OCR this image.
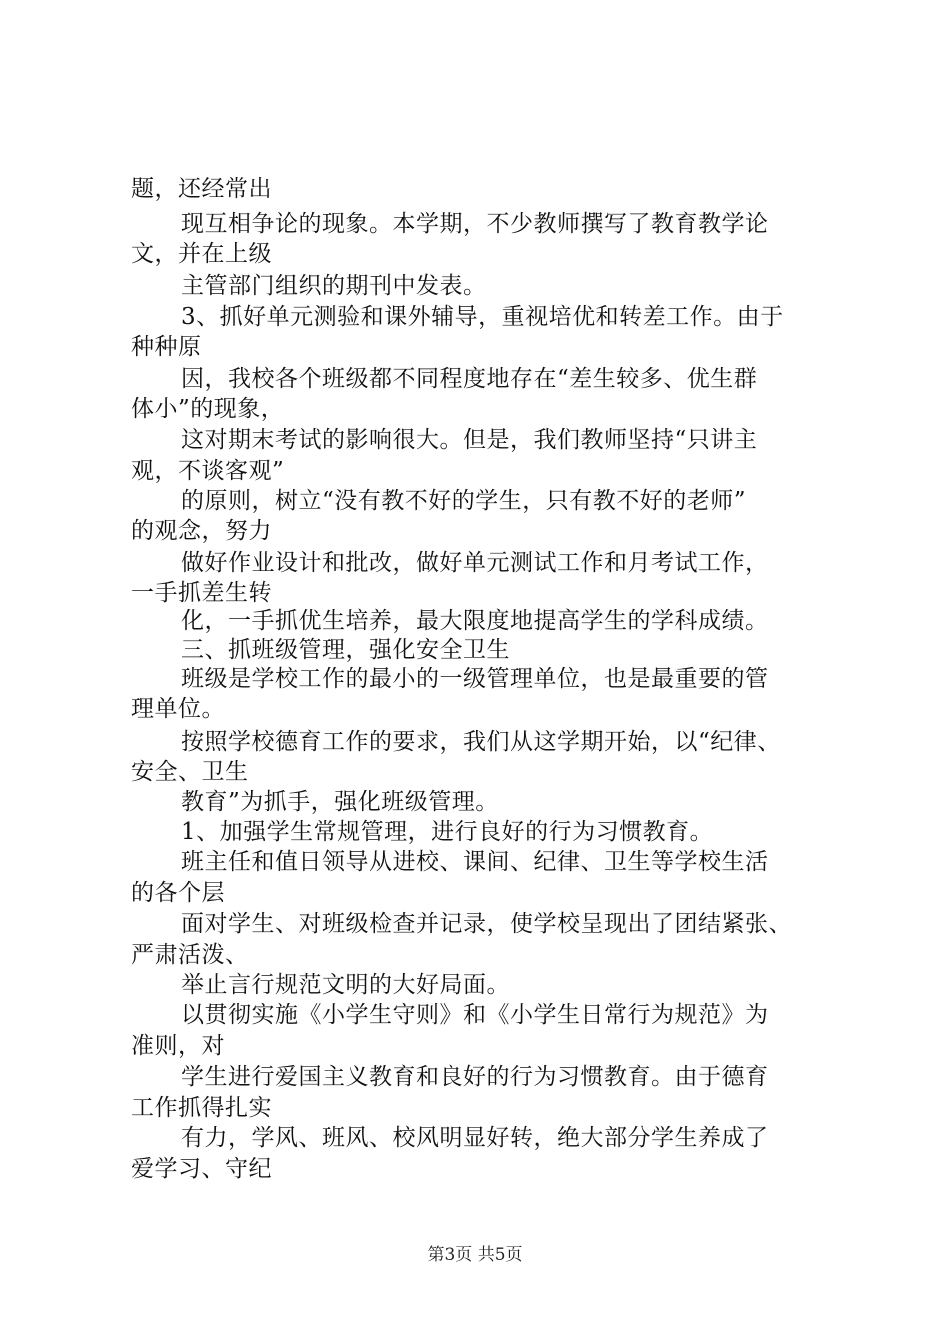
题，还经常出
现互相争论的现象。本学期，不少教师撰写了教育教学论
文，并在上级
主管部门组织的期刊中发表。
3、抓好单元测验和课外辅导，重视培优和转差工作。由于
种种原
因，我校各个班级都不同程度地存在“差生较多、优生群
体小”的现象，
这对期末考试的影响很大。但是，我们教师坚持“只讲主
观，不谈客观”
的原则，树立“没有教不好的学生，只有教不好的老师”
的观念，努力
做好作业设计和批改，做好单元测试工作和月考试工作，
一手抓差生转
化，一手抓优生培养，最大限度地提高学生的学科成绩。
三、抓班级管理，强化安全卫生
班级是学校工作的最小的一级管理单位，也是最重要的管
理单位。
按照学校德育工作的要求，我们从这学期开始，以“纪律、
安全、卫生
教育”为抓手，强化班级管理。
1、加强学生常规管理，进行良好的行为习惯教育。
班主任和值日领导从进校、课间、纪律、卫生等学校生活
的各个层
面对学生、对班级检查并记录，使学校呈现出了团结紧张、
严肃活泼、
举止言行规范文明的大好局面。
以贯彻实施《小学生守则》和《小学生日常行为规范》为
准则，对
学生进行爱国主义教育和良好的行为习惯教育。由于德育
工作抓得扎实
有力，学风、班风、校风明显好转，绝大部分学生养成了
爱学习、守纪
第3页 共5页
